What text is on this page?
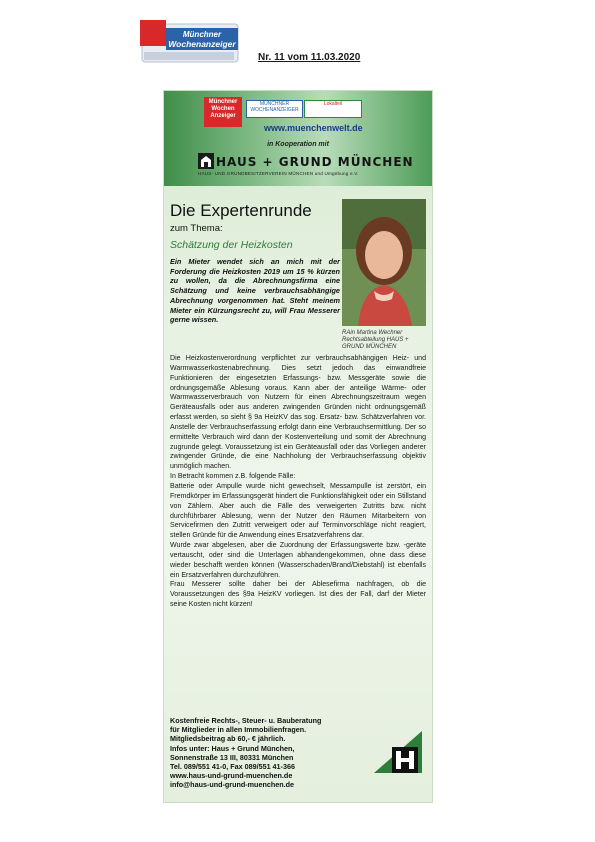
Münchner
Wochenanzeiger
Nr. 11 vom 11.03.2020
Münchner Wochen Anzeiger
MÜNCHNER WOCHENANZEIGER
Lokalteil
www.muenchenwelt.de
in Kooperation mit
HAUS + GRUND MÜNCHEN
HAUS- UND GRUNDBESITZERVEREIN MÜNCHEN und Umgebung e.V.
Die Expertenrunde
zum Thema:
Schätzung der Heizkosten
Ein Mieter wendet sich an mich mit der Forderung die Heizkosten 2019 um 15 % kürzen zu wollen, da die Abrechnungsfirma eine Schätzung und keine verbrauchsabhängige Abrechnung vorgenommen hat. Steht meinem Mieter ein Kürzungsrecht zu, will Frau Messerer gerne wissen.
RAin Martina Wechner Rechtsabteilung HAUS + GRUND MÜNCHEN

Die Heizkostenverordnung verpflichtet zur verbrauchsabhängigen Heiz- und Warmwasserkostenabrechnung. Dies setzt jedoch das einwandfreie Funktionieren der eingesetzten Erfassungs- bzw. Messgeräte sowie die ordnungsgemäße Ablesung voraus. Kann aber der anteilige Wärme- oder Warmwasserverbrauch von Nutzern für einen Abrechnungszeitraum wegen Geräteausfalls oder aus anderen zwingenden Gründen nicht ordnungsgemäß erfasst werden, so sieht § 9a HeizKV das sog. Ersatz- bzw. Schätzverfahren vor. Anstelle der Verbrauchserfassung erfolgt dann eine Verbrauchsermittlung. Der so ermittelte Verbrauch wird dann der Kostenverteilung und somit der Abrechnung zugrunde gelegt. Voraussetzung ist ein Geräteausfall oder das Vorliegen anderer zwingender Gründe, die eine Nachholung der Verbrauchserfassung objektiv unmöglich machen.

In Betracht kommen z.B. folgende Fälle:

Batterie oder Ampulle wurde nicht gewechselt, Messampulle ist zerstört, ein Fremdkörper im Erfassungsgerät hindert die Funktionsfähigkeit oder ein Stillstand von Zählern. Aber auch die Fälle des verweigerten Zutritts bzw. nicht durchführbarer Ablesung, wenn der Nutzer den Räumen Mitarbeitern von Servicefirmen den Zutritt verweigert oder auf Terminvorschläge nicht reagiert, stellen Gründe für die Anwendung eines Ersatzverfahrens dar.

Wurde zwar abgelesen, aber die Zuordnung der Erfassungswerte bzw. -geräte vertauscht, oder sind die Unterlagen abhandengekommen, ohne dass diese wieder beschafft werden können (Wasserschaden/Brand/Diebstahl) ist ebenfalls ein Ersatzverfahren durchzuführen.

Frau Messerer sollte daher bei der Ablesefirma nachfragen, ob die Voraussetzungen des §9a HeizKV vorliegen. Ist dies der Fall, darf der Mieter seine Kosten nicht kürzen!

Kostenfreie Rechts-, Steuer- u. Bauberatung
für Mitglieder in allen Immobilienfragen.
Mitgliedsbeitrag ab 60,- € jährlich.
Infos unter: Haus + Grund München,
Sonnenstraße 13 III, 80331 München
Tel. 089/551 41-0, Fax 089/551 41-366
www.haus-und-grund-muenchen.de
info@haus-und-grund-muenchen.de
